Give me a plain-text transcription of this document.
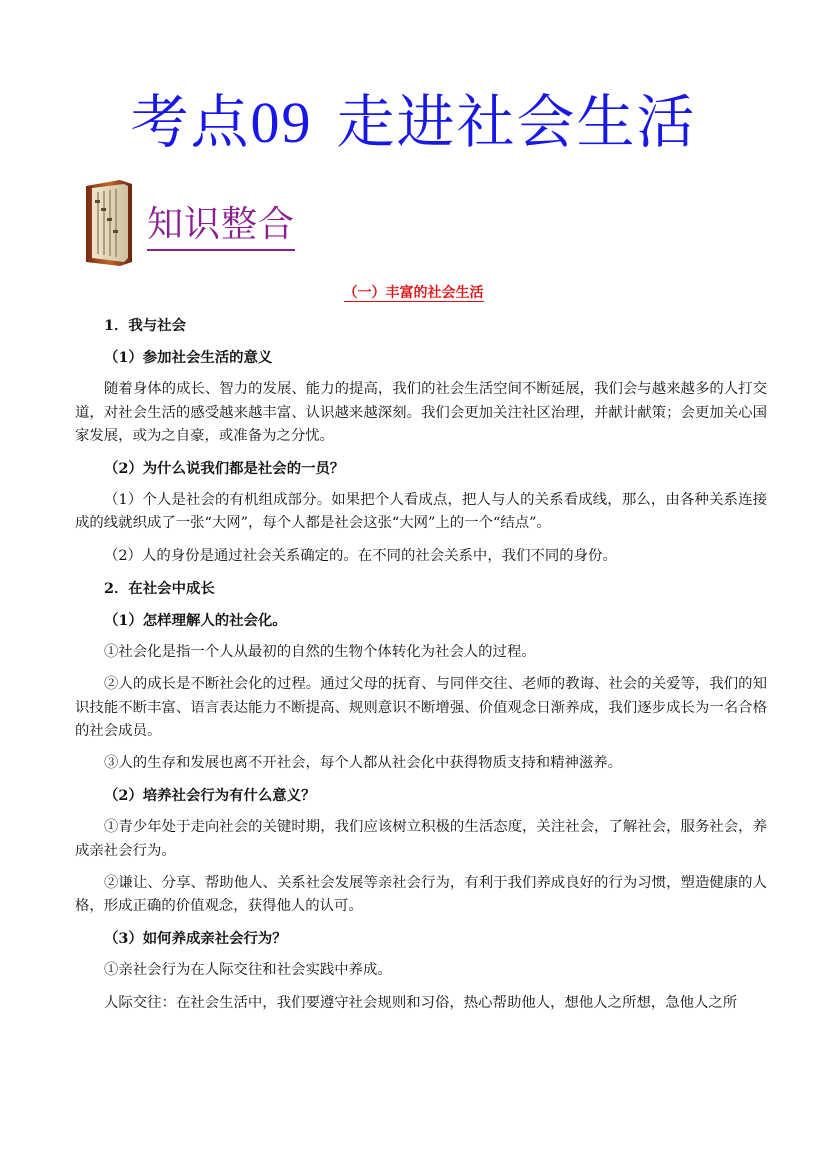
考点09 走进社会生活
知识整合
（一）丰富的社会生活

1．我与社会

（1）参加社会生活的意义

随着身体的成长、智力的发展、能力的提高，我们的社会生活空间不断延展，我们会与越来越多的人打交道，对社会生活的感受越来越丰富、认识越来越深刻。我们会更加关注社区治理，并献计献策；会更加关心国家发展，或为之自豪，或准备为之分忧。

（2）为什么说我们都是社会的一员？

（1）个人是社会的有机组成部分。如果把个人看成点，把人与人的关系看成线，那么，由各种关系连接成的线就织成了一张“大网”，每个人都是社会这张“大网”上的一个“结点”。

（2）人的身份是通过社会关系确定的。在不同的社会关系中，我们不同的身份。

2．在社会中成长

（1）怎样理解人的社会化。

①社会化是指一个人从最初的自然的生物个体转化为社会人的过程。

②人的成长是不断社会化的过程。通过父母的抚育、与同伴交往、老师的教诲、社会的关爱等，我们的知识技能不断丰富、语言表达能力不断提高、规则意识不断增强、价值观念日渐养成，我们逐步成长为一名合格的社会成员。

③人的生存和发展也离不开社会，每个人都从社会化中获得物质支持和精神滋养。

（2）培养社会行为有什么意义？

①青少年处于走向社会的关键时期，我们应该树立积极的生活态度，关注社会，了解社会，服务社会，养成亲社会行为。

②谦让、分享、帮助他人、关系社会发展等亲社会行为，有利于我们养成良好的行为习惯，塑造健康的人格，形成正确的价值观念，获得他人的认可。

（3）如何养成亲社会行为？

①亲社会行为在人际交往和社会实践中养成。

人际交往：在社会生活中，我们要遵守社会规则和习俗，热心帮助他人，想他人之所想，急他人之所
